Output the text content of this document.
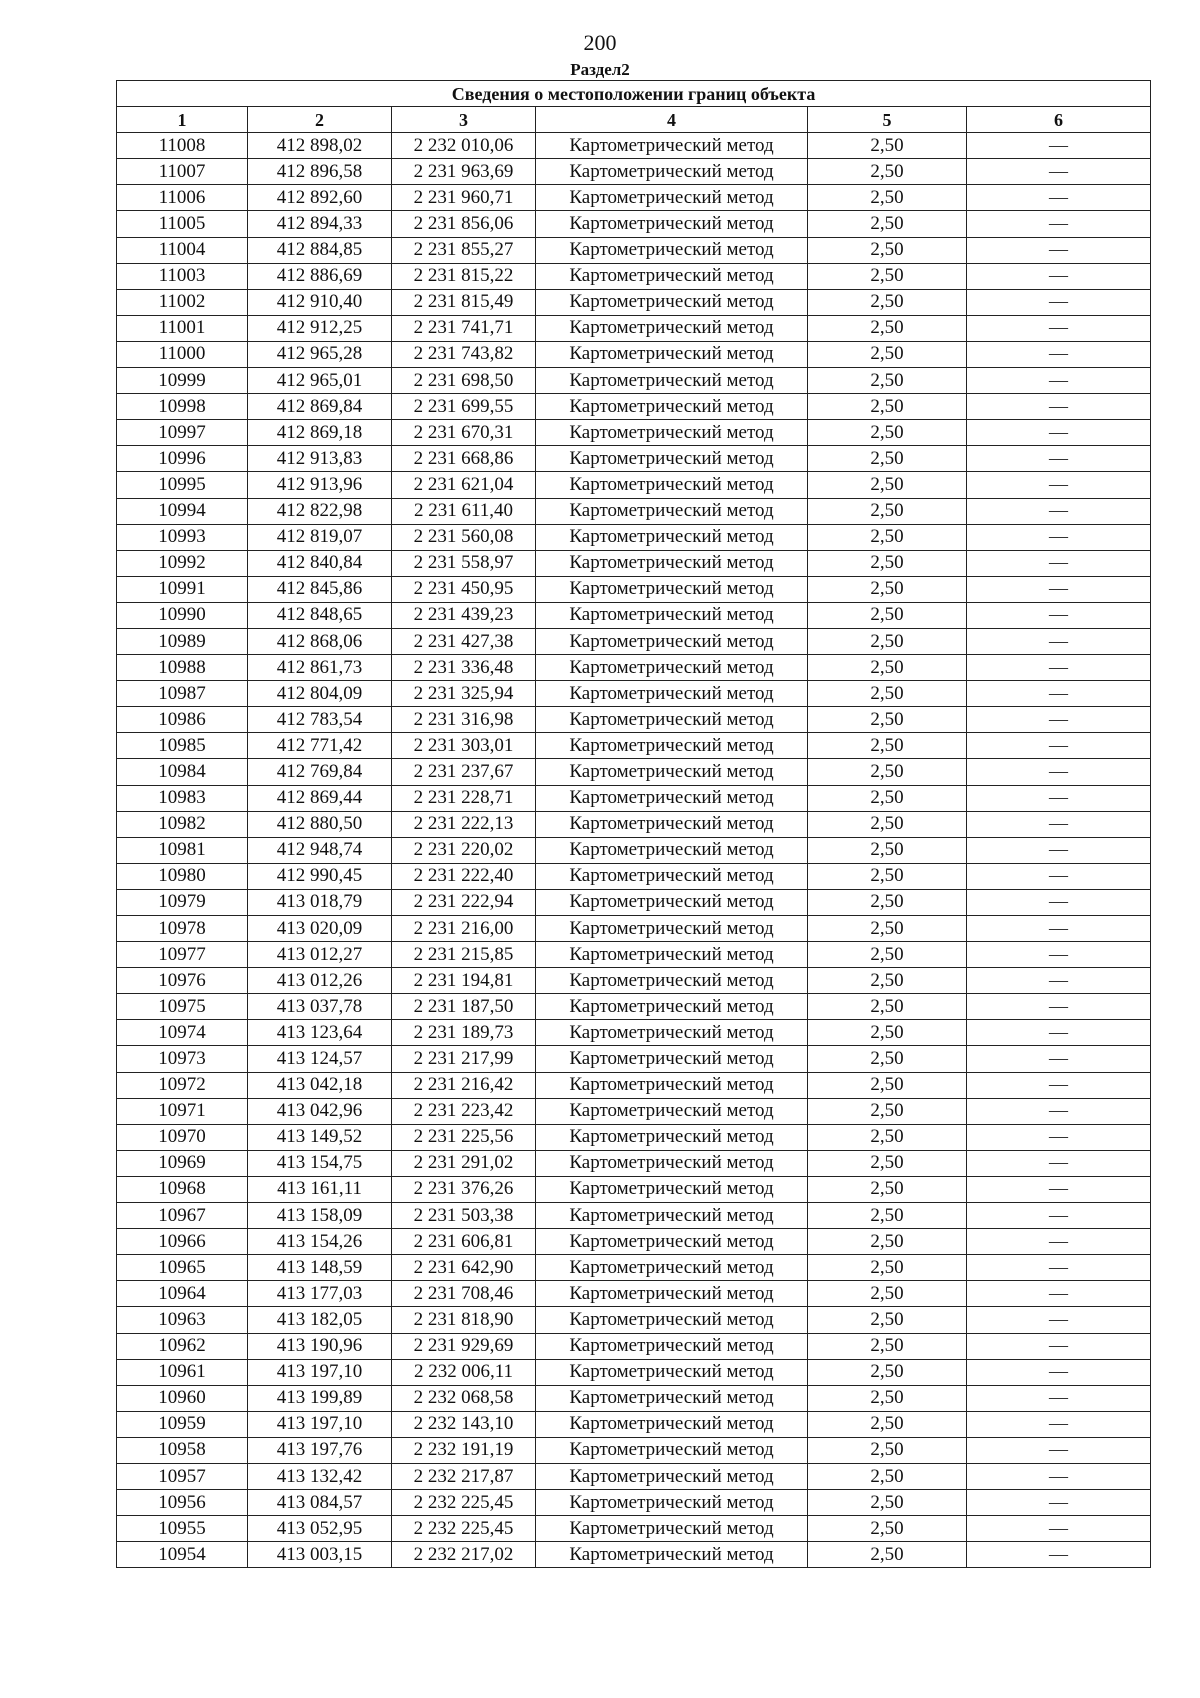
200
Раздел2
Сведения о местоположении границ объекта					
1	2	3	4	5	6
11008	412 898,02	2 232 010,06	Картометрический метод	2,50	—
11007	412 896,58	2 231 963,69	Картометрический метод	2,50	—
11006	412 892,60	2 231 960,71	Картометрический метод	2,50	—
11005	412 894,33	2 231 856,06	Картометрический метод	2,50	—
11004	412 884,85	2 231 855,27	Картометрический метод	2,50	—
11003	412 886,69	2 231 815,22	Картометрический метод	2,50	—
11002	412 910,40	2 231 815,49	Картометрический метод	2,50	—
11001	412 912,25	2 231 741,71	Картометрический метод	2,50	—
11000	412 965,28	2 231 743,82	Картометрический метод	2,50	—
10999	412 965,01	2 231 698,50	Картометрический метод	2,50	—
10998	412 869,84	2 231 699,55	Картометрический метод	2,50	—
10997	412 869,18	2 231 670,31	Картометрический метод	2,50	—
10996	412 913,83	2 231 668,86	Картометрический метод	2,50	—
10995	412 913,96	2 231 621,04	Картометрический метод	2,50	—
10994	412 822,98	2 231 611,40	Картометрический метод	2,50	—
10993	412 819,07	2 231 560,08	Картометрический метод	2,50	—
10992	412 840,84	2 231 558,97	Картометрический метод	2,50	—
10991	412 845,86	2 231 450,95	Картометрический метод	2,50	—
10990	412 848,65	2 231 439,23	Картометрический метод	2,50	—
10989	412 868,06	2 231 427,38	Картометрический метод	2,50	—
10988	412 861,73	2 231 336,48	Картометрический метод	2,50	—
10987	412 804,09	2 231 325,94	Картометрический метод	2,50	—
10986	412 783,54	2 231 316,98	Картометрический метод	2,50	—
10985	412 771,42	2 231 303,01	Картометрический метод	2,50	—
10984	412 769,84	2 231 237,67	Картометрический метод	2,50	—
10983	412 869,44	2 231 228,71	Картометрический метод	2,50	—
10982	412 880,50	2 231 222,13	Картометрический метод	2,50	—
10981	412 948,74	2 231 220,02	Картометрический метод	2,50	—
10980	412 990,45	2 231 222,40	Картометрический метод	2,50	—
10979	413 018,79	2 231 222,94	Картометрический метод	2,50	—
10978	413 020,09	2 231 216,00	Картометрический метод	2,50	—
10977	413 012,27	2 231 215,85	Картометрический метод	2,50	—
10976	413 012,26	2 231 194,81	Картометрический метод	2,50	—
10975	413 037,78	2 231 187,50	Картометрический метод	2,50	—
10974	413 123,64	2 231 189,73	Картометрический метод	2,50	—
10973	413 124,57	2 231 217,99	Картометрический метод	2,50	—
10972	413 042,18	2 231 216,42	Картометрический метод	2,50	—
10971	413 042,96	2 231 223,42	Картометрический метод	2,50	—
10970	413 149,52	2 231 225,56	Картометрический метод	2,50	—
10969	413 154,75	2 231 291,02	Картометрический метод	2,50	—
10968	413 161,11	2 231 376,26	Картометрический метод	2,50	—
10967	413 158,09	2 231 503,38	Картометрический метод	2,50	—
10966	413 154,26	2 231 606,81	Картометрический метод	2,50	—
10965	413 148,59	2 231 642,90	Картометрический метод	2,50	—
10964	413 177,03	2 231 708,46	Картометрический метод	2,50	—
10963	413 182,05	2 231 818,90	Картометрический метод	2,50	—
10962	413 190,96	2 231 929,69	Картометрический метод	2,50	—
10961	413 197,10	2 232 006,11	Картометрический метод	2,50	—
10960	413 199,89	2 232 068,58	Картометрический метод	2,50	—
10959	413 197,10	2 232 143,10	Картометрический метод	2,50	—
10958	413 197,76	2 232 191,19	Картометрический метод	2,50	—
10957	413 132,42	2 232 217,87	Картометрический метод	2,50	—
10956	413 084,57	2 232 225,45	Картометрический метод	2,50	—
10955	413 052,95	2 232 225,45	Картометрический метод	2,50	—
10954	413 003,15	2 232 217,02	Картометрический метод	2,50	—
